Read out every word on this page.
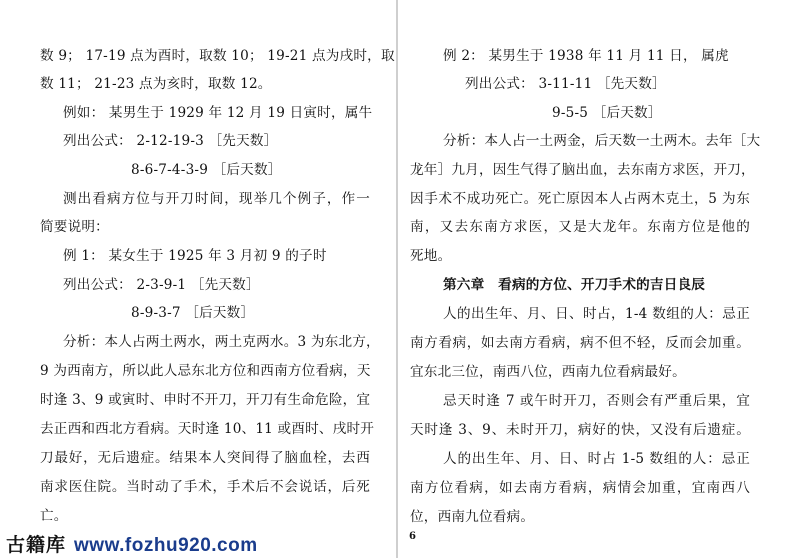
数 9； 17-19 点为酉时，取数 10； 19-21 点为戌时，取
数 11； 21-23 点为亥时，取数 12。
例如： 某男生于 1929 年 12 月 19 日寅时，属牛
列出公式： 2-12-19-3 ［先天数］
8-6-7-4-3-9 ［后天数］
测出看病方位与开刀时间，现举几个例子，作一
简要说明：
例 1： 某女生于 1925 年 3 月初 9 的子时
列出公式： 2-3-9-1 ［先天数］
8-9-3-7 ［后天数］
分析：本人占两土两水，两土克两水。3 为东北方，
9 为西南方，所以此人忌东北方位和西南方位看病，天
时逢 3、9 或寅时、申时不开刀，开刀有生命危险，宜
去正西和西北方看病。天时逢 10、11 或酉时、戌时开
刀最好，无后遗症。结果本人突间得了脑血栓，去西
南求医住院。当时动了手术，手术后不会说话，后死
亡。
例 2： 某男生于 1938 年 11 月 11 日， 属虎
列出公式： 3-11-11 ［先天数］
9-5-5 ［后天数］
分析：本人占一土两金，后天数一土两木。去年［大
龙年］九月，因生气得了脑出血，去东南方求医，开刀，
因手术不成功死亡。死亡原因本人占两木克土，5 为东
南，又去东南方求医，又是大龙年。东南方位是他的
死地。
第六章　看病的方位、开刀手术的吉日良辰
人的出生年、月、日、时占，1-4 数组的人：忌正
南方看病，如去南方看病，病不但不轻，反而会加重。
宜东北三位，南西八位，西南九位看病最好。
忌天时逢 7 或午时开刀，否则会有严重后果，宜
天时逢 3、9、未时开刀，病好的快，又没有后遗症。
人的出生年、月、日、时占 1-5 数组的人：忌正
南方位看病，如去南方看病，病情会加重，宜南西八
位，西南九位看病。
6
古籍库 www.fozhu920.com
